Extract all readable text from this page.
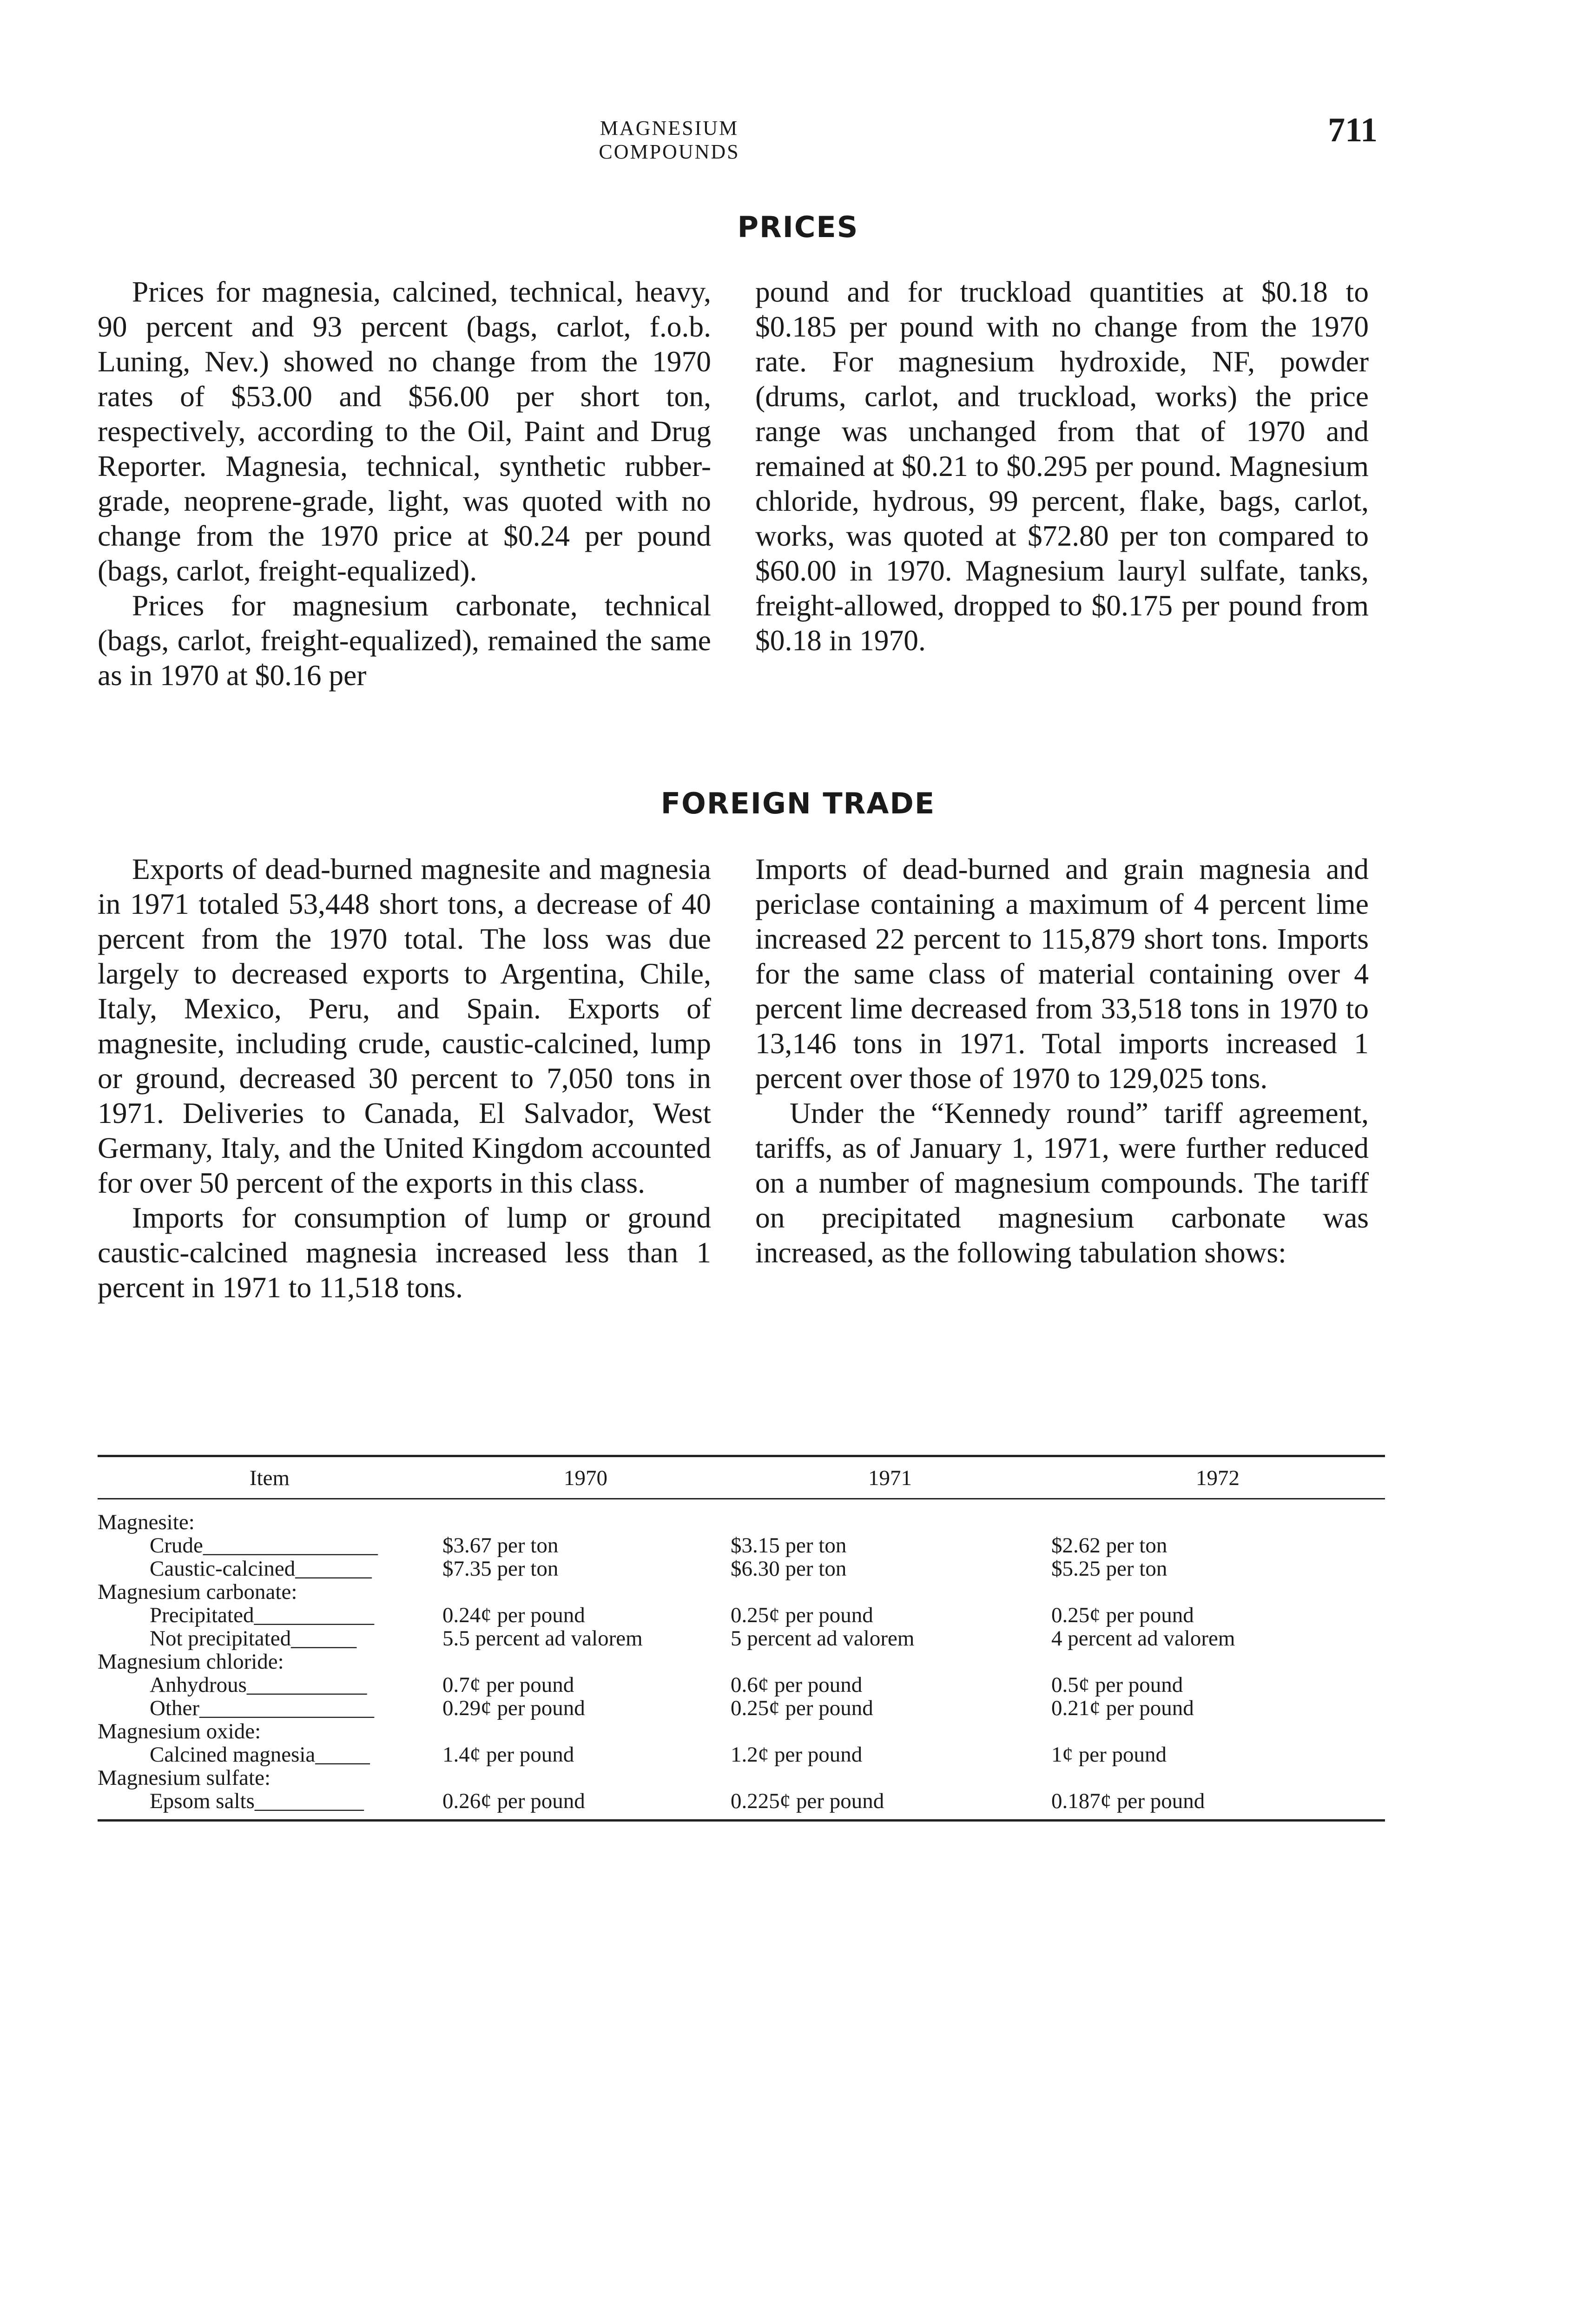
MAGNESIUM COMPOUNDS
711
PRICES

Prices for magnesia, calcined, technical, heavy, 90 percent and 93 percent (bags, carlot, f.o.b. Luning, Nev.) showed no change from the 1970 rates of $53.00 and $56.00 per short ton, respectively, according to the Oil, Paint and Drug Reporter. Magnesia, technical, synthetic rubber-grade, neoprene-grade, light, was quoted with no change from the 1970 price at $0.24 per pound (bags, carlot, freight-equalized).

Prices for magnesium carbonate, technical (bags, carlot, freight-equalized), remained the same as in 1970 at $0.16 per

pound and for truckload quantities at $0.18 to $0.185 per pound with no change from the 1970 rate. For magnesium hydroxide, NF, powder (drums, carlot, and truckload, works) the price range was unchanged from that of 1970 and remained at $0.21 to $0.295 per pound. Magnesium chloride, hydrous, 99 percent, flake, bags, carlot, works, was quoted at $72.80 per ton compared to $60.00 in 1970. Magnesium lauryl sulfate, tanks, freight-allowed, dropped to $0.175 per pound from $0.18 in 1970.

FOREIGN TRADE

Exports of dead-burned magnesite and magnesia in 1971 totaled 53,448 short tons, a decrease of 40 percent from the 1970 total. The loss was due largely to decreased exports to Argentina, Chile, Italy, Mexico, Peru, and Spain. Exports of magnesite, including crude, caustic-calcined, lump or ground, decreased 30 percent to 7,050 tons in 1971. Deliveries to Canada, El Salvador, West Germany, Italy, and the United Kingdom accounted for over 50 percent of the exports in this class.

Imports for consumption of lump or ground caustic-calcined magnesia increased less than 1 percent in 1971 to 11,518 tons.

Imports of dead-burned and grain magnesia and periclase containing a maximum of 4 percent lime increased 22 percent to 115,879 short tons. Imports for the same class of material containing over 4 percent lime decreased from 33,518 tons in 1970 to 13,146 tons in 1971. Total imports increased 1 percent over those of 1970 to 129,025 tons.

Under the “Kennedy round” tariff agreement, tariffs, as of January 1, 1971, were further reduced on a number of magnesium compounds. The tariff on precipitated magnesium carbonate was increased, as the following tabulation shows:

Item	1970	1971	1972
Magnesite:			
Crude________________	$3.67 per ton	$3.15 per ton	$2.62 per ton
Caustic-calcined_______	$7.35 per ton	$6.30 per ton	$5.25 per ton
Magnesium carbonate:			
Precipitated___________	0.24¢ per pound	0.25¢ per pound	0.25¢ per pound
Not precipitated______	5.5 percent ad valorem	5 percent ad valorem	4 percent ad valorem
Magnesium chloride:			
Anhydrous___________	0.7¢ per pound	0.6¢ per pound	0.5¢ per pound
Other________________	0.29¢ per pound	0.25¢ per pound	0.21¢ per pound
Magnesium oxide:			
Calcined magnesia_____	1.4¢ per pound	1.2¢ per pound	1¢ per pound
Magnesium sulfate:			
Epsom salts__________	0.26¢ per pound	0.225¢ per pound	0.187¢ per pound
